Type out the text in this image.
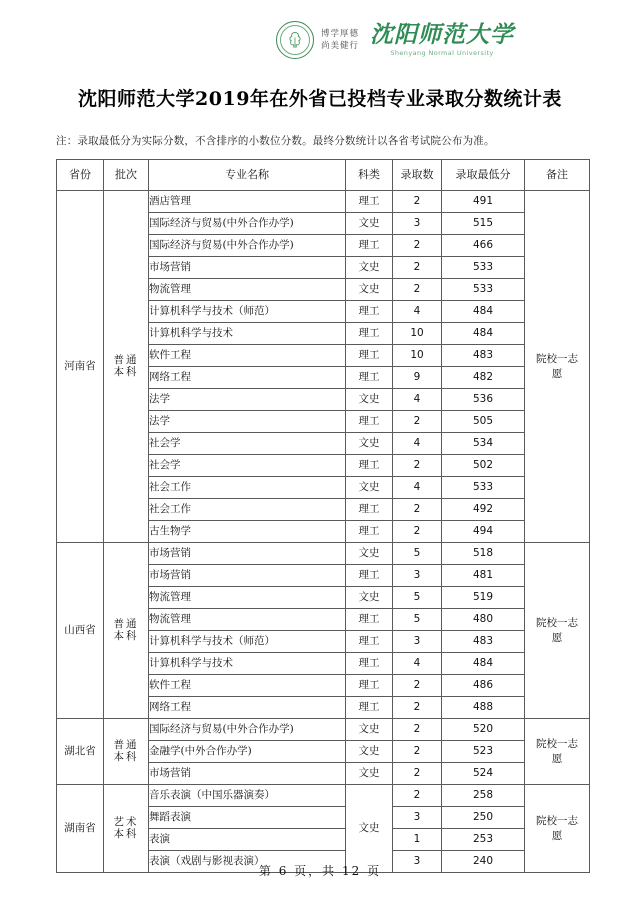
博学厚德
尚美健行 沈阳师范大学
Shenyang Normal University
沈阳师范大学2019年在外省已投档专业录取分数统计表
注：录取最低分为实际分数，不含排序的小数位分数。最终分数统计以各省考试院公布为准。
省份	批次	专业名称	科类	录取数	录取最低分	备注
河南省	普通本科	酒店管理	理工	2	491	院校一志愿
		国际经济与贸易(中外合作办学)	文史	3	515	
		国际经济与贸易(中外合作办学)	理工	2	466	
		市场营销	文史	2	533	
		物流管理	文史	2	533	
		计算机科学与技术（师范）	理工	4	484	
		计算机科学与技术	理工	10	484	
		软件工程	理工	10	483	
		网络工程	理工	9	482	
		法学	文史	4	536	
		法学	理工	2	505	
		社会学	文史	4	534	
		社会学	理工	2	502	
		社会工作	文史	4	533	
		社会工作	理工	2	492	
		古生物学	理工	2	494	
山西省	普通本科	市场营销	文史	5	518	院校一志愿
		市场营销	理工	3	481	
		物流管理	文史	5	519	
		物流管理	理工	5	480	
		计算机科学与技术（师范）	理工	3	483	
		计算机科学与技术	理工	4	484	
		软件工程	理工	2	486	
		网络工程	理工	2	488	
湖北省	普通本科	国际经济与贸易(中外合作办学)	文史	2	520	院校一志愿
		金融学(中外合作办学)	文史	2	523	
		市场营销	文史	2	524	
湖南省	艺术本科	音乐表演（中国乐器演奏）	文史	2	258	院校一志愿
		舞蹈表演		3	250	
		表演		1	253	
		表演（戏剧与影视表演）		3	240	
第 6 页，共 12 页
